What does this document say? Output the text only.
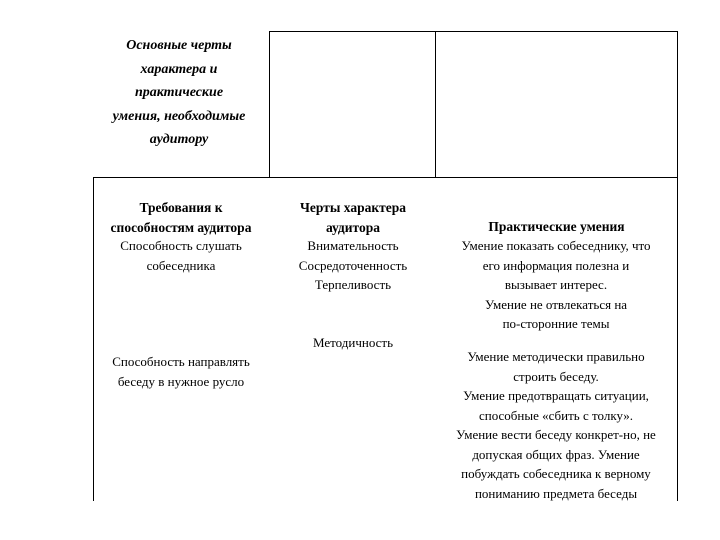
Основные черты
характера и
практические
умения, необходимые
аудитору
Требования к
способностям аудитора
Черты характера
аудитора	Практические умения
Способность слушать
собеседника
Внимательность
Сосредоточенность
Терпеливость
Умение показать собеседнику, что
его информация полезна и
вызывает интерес.
Умение не отвлекаться на
по-сторонние темы
Методичность
Способность направлять
беседу в нужное русло
Умение методически правильно
строить беседу.
Умение предотвращать ситуации,
способные «сбить с толку».
Умение вести беседу конкрет-но, не
допуская общих фраз. Умение
побуждать собеседника к верному
пониманию предмета беседы
